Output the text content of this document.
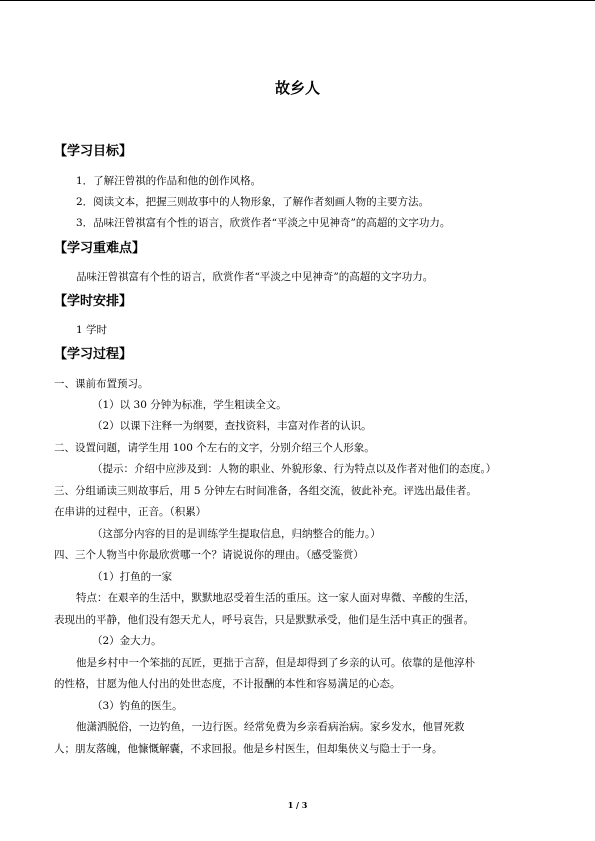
故乡人
【学习目标】
1．了解汪曾祺的作品和他的创作风格。
2．阅读文本，把握三则故事中的人物形象，了解作者刻画人物的主要方法。
3．品味汪曾祺富有个性的语言，欣赏作者“平淡之中见神奇”的高超的文字功力。
【学习重难点】
品味汪曾祺富有个性的语言，欣赏作者“平淡之中见神奇”的高超的文字功力。
【学时安排】
1 学时
【学习过程】
一、课前布置预习。
（1）以 30 分钟为标准，学生粗读全文。
（2）以课下注释一为纲要，查找资料，丰富对作者的认识。
二、设置问题，请学生用 100 个左右的文字，分别介绍三个人形象。
（提示：介绍中应涉及到：人物的职业、外貌形象、行为特点以及作者对他们的态度。）
三、分组诵读三则故事后，用 5 分钟左右时间准备，各组交流，彼此补充。评选出最佳者。
在串讲的过程中，正音。（积累）
（这部分内容的目的是训练学生提取信息，归纳整合的能力。）
四、三个人物当中你最欣赏哪一个？请说说你的理由。（感受鉴赏）
（1）打鱼的一家
特点：在艰辛的生活中，默默地忍受着生活的重压。这一家人面对卑微、辛酸的生活，
表现出的平静，他们没有怨天尤人，呼号哀告，只是默默承受，他们是生活中真正的强者。
（2）金大力。
他是乡村中一个笨拙的瓦匠，更拙于言辞，但是却得到了乡亲的认可。依靠的是他淳朴
的性格，甘愿为他人付出的处世态度，不计报酬的本性和容易满足的心态。
（3）钓鱼的医生。
他潇洒脱俗，一边钓鱼，一边行医。经常免费为乡亲看病治病。家乡发水，他冒死救
人；朋友落魄，他慷慨解囊，不求回报。他是乡村医生，但却集侠义与隐士于一身。
1 / 3
